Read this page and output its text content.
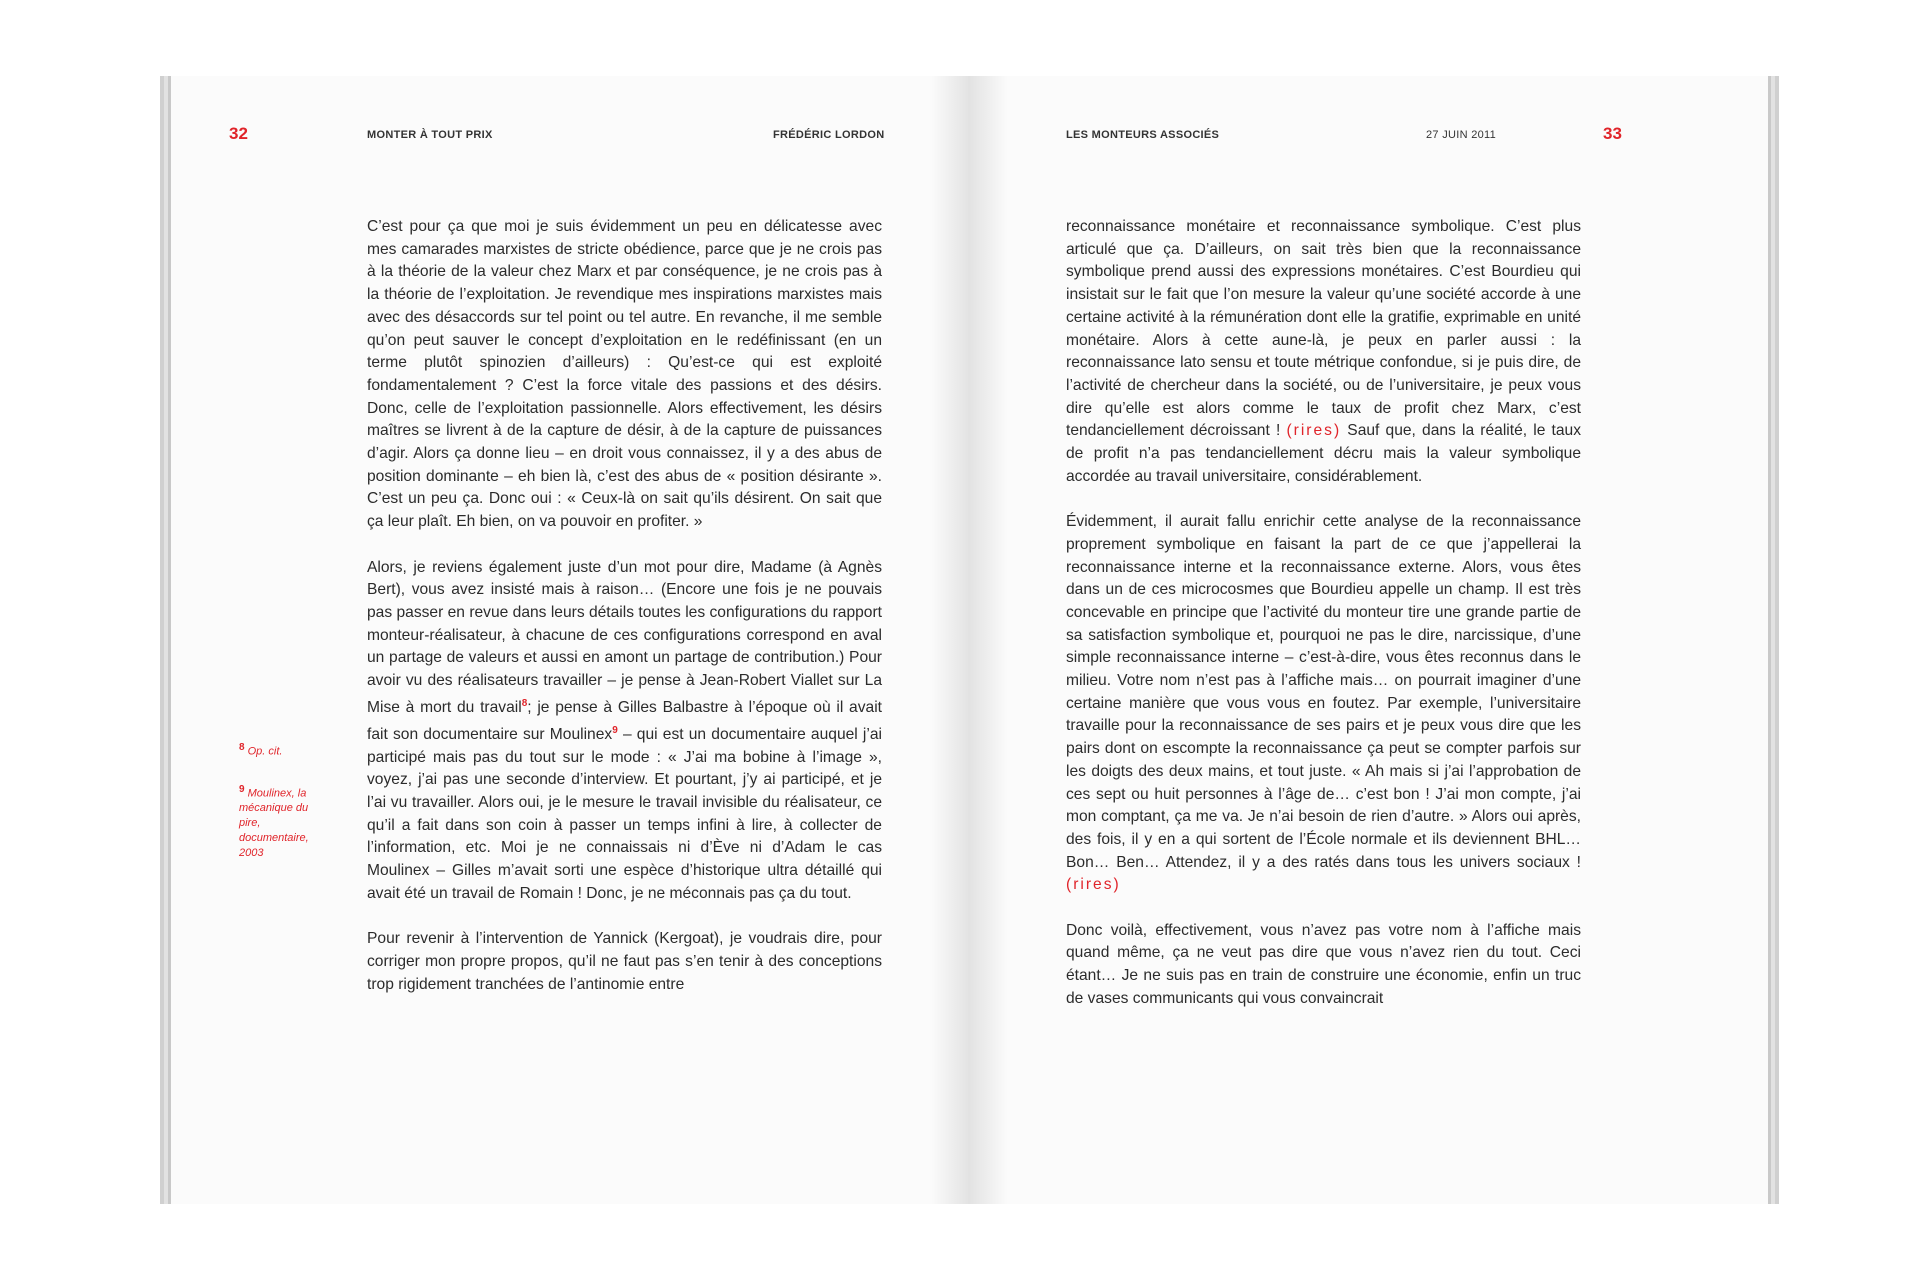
32	MONTER À TOUT PRIX	FRÉDÉRIC LORDON
$^8$ Op. cit.
$^9$ Moulinex, la mécanique du pire, documentaire, 2003

C’est pour ça que moi je suis évidemment un peu en délicatesse avec mes camarades marxistes de stricte obédience, parce que je ne crois pas à la théorie de la valeur chez Marx et par conséquence, je ne crois pas à la théorie de l’exploitation. Je revendique mes inspirations marxistes mais avec des désaccords sur tel point ou tel autre. En revanche, il me semble qu’on peut sauver le concept d’exploitation en le redéfinissant (en un terme plutôt spinozien d’ailleurs) : Qu’est-ce qui est exploité fondamentalement ? C’est la force vitale des passions et des désirs. Donc, celle de l’exploitation passionnelle. Alors effectivement, les désirs maîtres se livrent à de la capture de désir, à de la capture de puissances d’agir. Alors ça donne lieu – en droit vous connaissez, il y a des abus de position dominante – eh bien là, c’est des abus de « position désirante ». C’est un peu ça. Donc oui : « Ceux-là on sait qu’ils désirent. On sait que ça leur plaît. Eh bien, on va pouvoir en profiter. »

Alors, je reviens également juste d’un mot pour dire, Madame (à Agnès Bert), vous avez insisté mais à raison… (Encore une fois je ne pouvais pas passer en revue dans leurs détails toutes les configurations du rapport monteur-réalisateur, à chacune de ces configurations correspond en aval un partage de valeurs et aussi en amont un partage de contribution.) Pour avoir vu des réalisateurs travailler – je pense à Jean-Robert Viallet sur La Mise à mort du travail$^8$; je pense à Gilles Balbastre à l’époque où il avait fait son documentaire sur Moulinex$^9$ – qui est un documentaire auquel j’ai participé mais pas du tout sur le mode : « J’ai ma bobine à l’image », voyez, j’ai pas une seconde d’interview. Et pourtant, j’y ai participé, et je l’ai vu travailler. Alors oui, je le mesure le travail invisible du réalisateur, ce qu’il a fait dans son coin à passer un temps infini à lire, à collecter de l’information, etc. Moi je ne connaissais ni d’Ève ni d’Adam le cas Moulinex – Gilles m’avait sorti une espèce d’historique ultra détaillé qui avait été un travail de Romain ! Donc, je ne méconnais pas ça du tout.

Pour revenir à l’intervention de Yannick (Kergoat), je voudrais dire, pour corriger mon propre propos, qu’il ne faut pas s’en tenir à des conceptions trop rigidement tranchées de l’antinomie entre

LES MONTEURS ASSOCIÉS	27 JUIN 2011	33

reconnaissance monétaire et reconnaissance symbolique. C’est plus articulé que ça. D’ailleurs, on sait très bien que la reconnaissance symbolique prend aussi des expressions monétaires. C’est Bourdieu qui insistait sur le fait que l’on mesure la valeur qu’une société accorde à une certaine activité à la rémunération dont elle la gratifie, exprimable en unité monétaire. Alors à cette aune-là, je peux en parler aussi : la reconnaissance lato sensu et toute métrique confondue, si je puis dire, de l’activité de chercheur dans la société, ou de l’universitaire, je peux vous dire qu’elle est alors comme le taux de profit chez Marx, c’est tendanciellement décroissant ! (rires) Sauf que, dans la réalité, le taux de profit n’a pas tendanciellement décru mais la valeur symbolique accordée au travail universitaire, considérablement.

Évidemment, il aurait fallu enrichir cette analyse de la reconnaissance proprement symbolique en faisant la part de ce que j’appellerai la reconnaissance interne et la reconnaissance externe. Alors, vous êtes dans un de ces microcosmes que Bourdieu appelle un champ. Il est très concevable en principe que l’activité du monteur tire une grande partie de sa satisfaction symbolique et, pourquoi ne pas le dire, narcissique, d’une simple reconnaissance interne – c’est-à-dire, vous êtes reconnus dans le milieu. Votre nom n’est pas à l’affiche mais… on pourrait imaginer d’une certaine manière que vous vous en foutez. Par exemple, l’universitaire travaille pour la reconnaissance de ses pairs et je peux vous dire que les pairs dont on escompte la reconnaissance ça peut se compter parfois sur les doigts des deux mains, et tout juste. « Ah mais si j’ai l’approbation de ces sept ou huit personnes à l’âge de… c’est bon ! J’ai mon compte, j’ai mon comptant, ça me va. Je n’ai besoin de rien d’autre. » Alors oui après, des fois, il y en a qui sortent de l’École normale et ils deviennent BHL… Bon… Ben… Attendez, il y a des ratés dans tous les univers sociaux ! (rires)

Donc voilà, effectivement, vous n’avez pas votre nom à l’affiche mais quand même, ça ne veut pas dire que vous n’avez rien du tout. Ceci étant… Je ne suis pas en train de construire une économie, enfin un truc de vases communicants qui vous convaincrait
